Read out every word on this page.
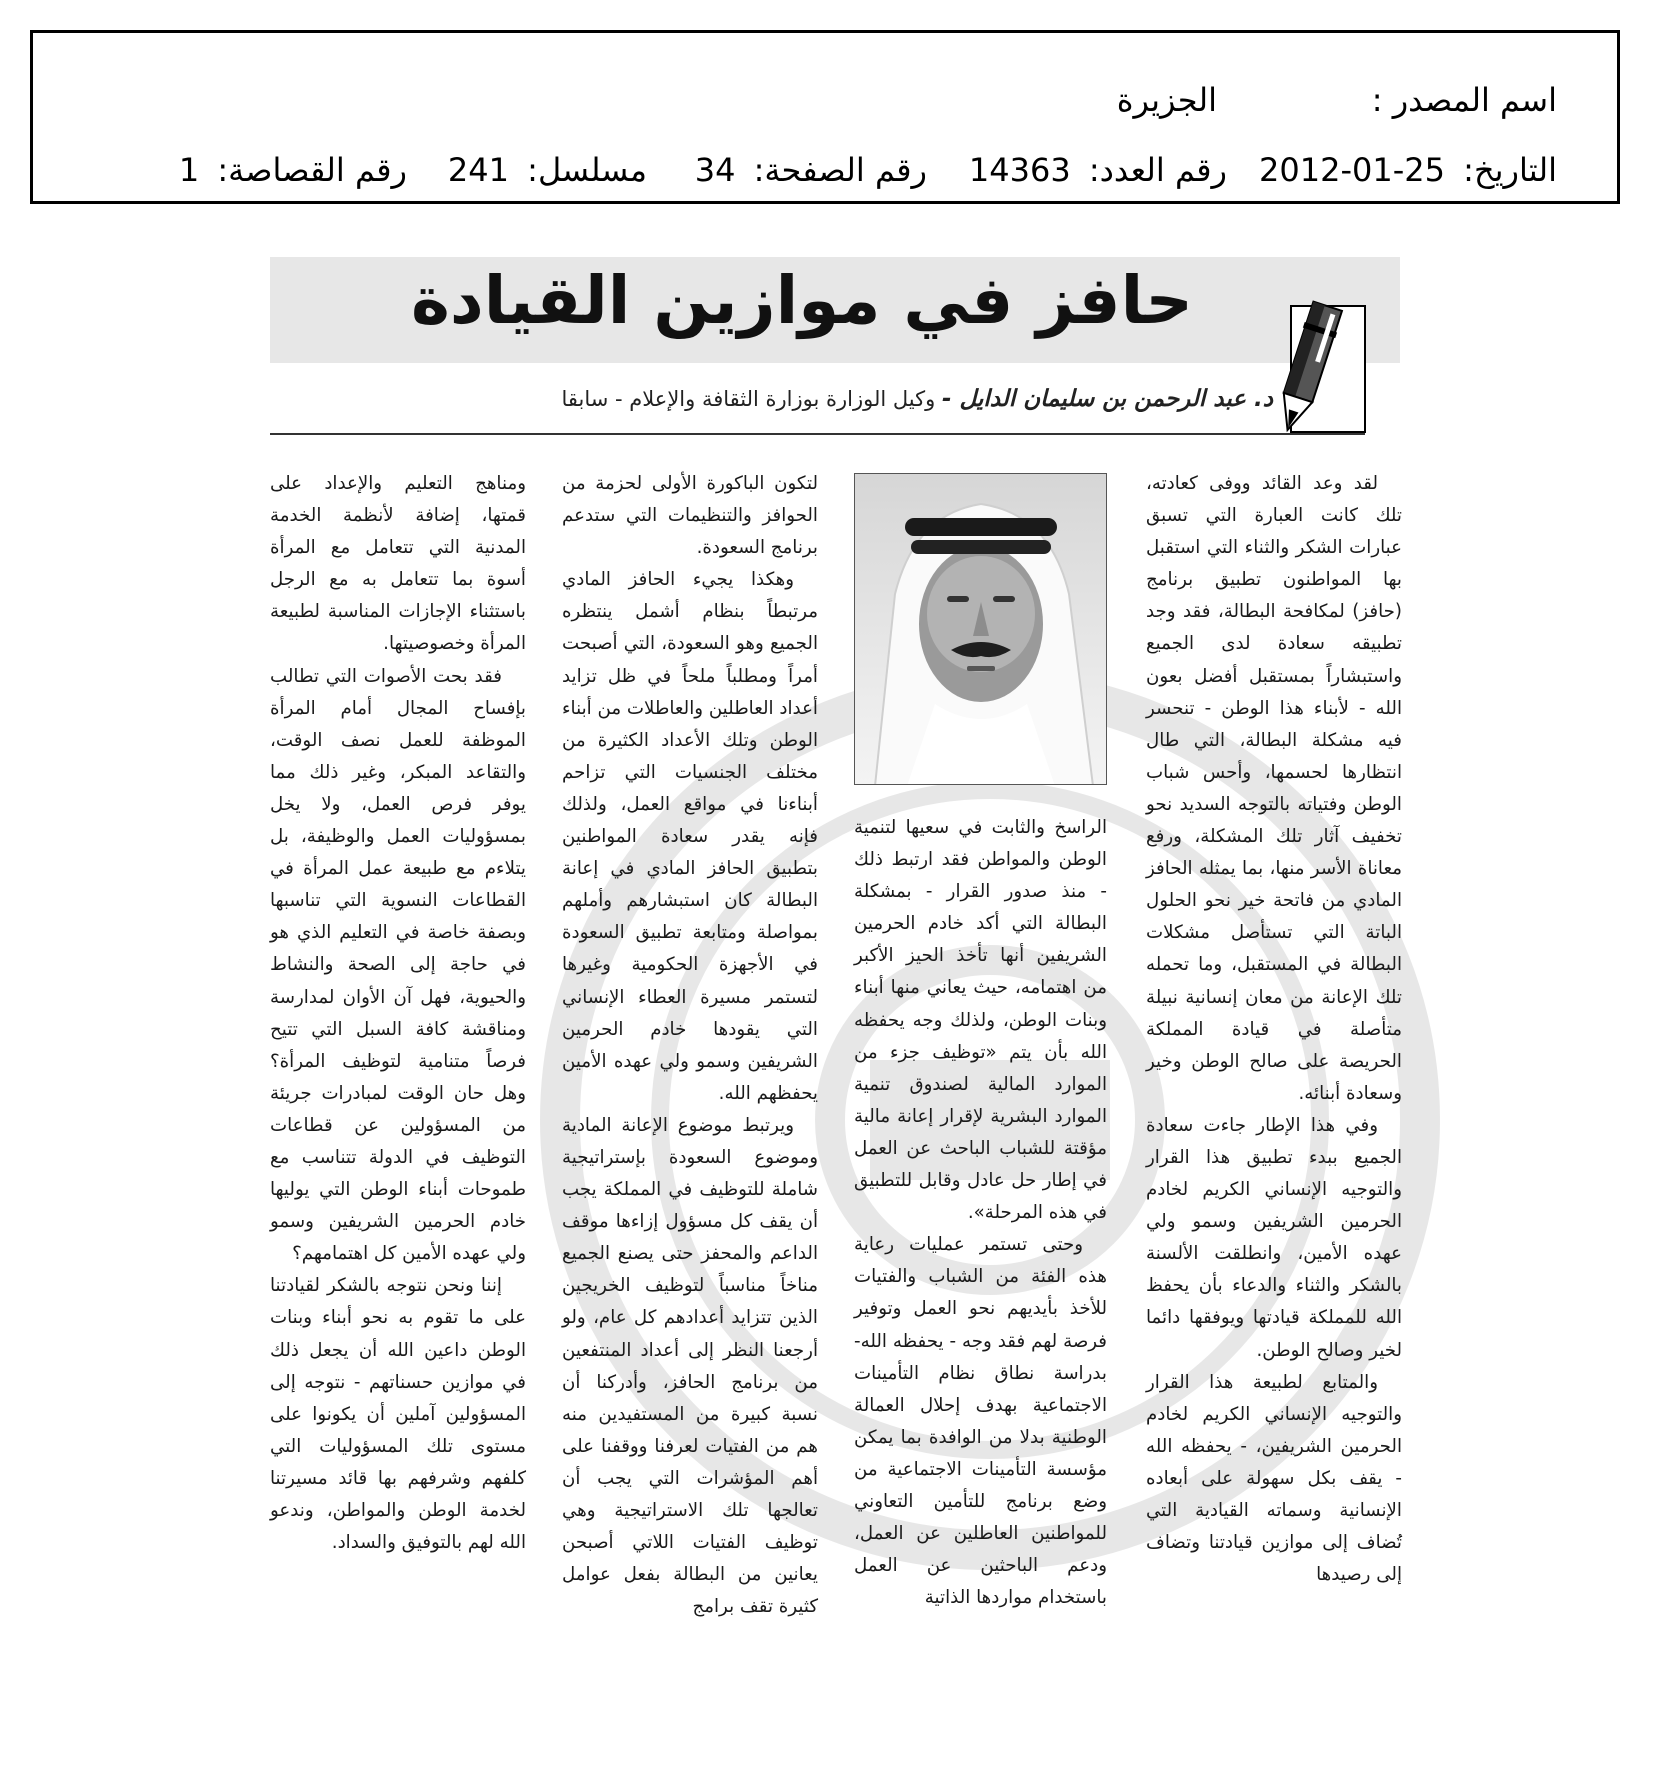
اسم المصدر :
الجزيرة
التاريخ: 2012-01-25
رقم العدد: 14363
رقم الصفحة: 34
مسلسل: 241
رقم القصاصة: 1
حافز في موازين القيادة
د. عبد الرحمن بن سليمان الدايل - وكيل الوزارة بوزارة الثقافة والإعلام - سابقا

لقد وعد القائد ووفى كعادته، تلك كانت العبارة التي تسبق عبارات الشكر والثناء التي استقبل بها المواطنون تطبيق برنامج (حافز) لمكافحة البطالة، فقد وجد تطبيقه سعادة لدى الجميع واستبشاراً بمستقبل أفضل بعون الله - لأبناء هذا الوطن - تنحسر فيه مشكلة البطالة، التي طال انتظارها لحسمها، وأحس شباب الوطن وفتياته بالتوجه السديد نحو تخفيف آثار تلك المشكلة، ورفع معاناة الأسر منها، بما يمثله الحافز المادي من فاتحة خير نحو الحلول الباتة التي تستأصل مشكلات البطالة في المستقبل، وما تحمله تلك الإعانة من معان إنسانية نبيلة متأصلة في قيادة المملكة الحريصة على صالح الوطن وخير وسعادة أبنائه.

وفي هذا الإطار جاءت سعادة الجميع ببدء تطبيق هذا القرار والتوجيه الإنساني الكريم لخادم الحرمين الشريفين وسمو ولي عهده الأمين، وانطلقت الألسنة بالشكر والثناء والدعاء بأن يحفظ الله للمملكة قيادتها ويوفقها دائما لخير وصالح الوطن.

والمتابع لطبيعة هذا القرار والتوجيه الإنساني الكريم لخادم الحرمين الشريفين، - يحفظه الله - يقف بكل سهولة على أبعاده الإنسانية وسماته القيادية التي تُضاف إلى موازين قيادتنا وتضاف إلى رصيدها

الراسخ والثابت في سعيها لتنمية الوطن والمواطن فقد ارتبط ذلك - منذ صدور القرار - بمشكلة البطالة التي أكد خادم الحرمين الشريفين أنها تأخذ الحيز الأكبر من اهتمامه، حيث يعاني منها أبناء وبنات الوطن، ولذلك وجه يحفظه الله بأن يتم «توظيف جزء من الموارد المالية لصندوق تنمية الموارد البشرية لإقرار إعانة مالية مؤقتة للشباب الباحث عن العمل في إطار حل عادل وقابل للتطبيق في هذه المرحلة».

وحتى تستمر عمليات رعاية هذه الفئة من الشباب والفتيات للأخذ بأيديهم نحو العمل وتوفير فرصة لهم فقد وجه - يحفظه الله- بدراسة نطاق نظام التأمينات الاجتماعية بهدف إحلال العمالة الوطنية بدلا من الوافدة بما يمكن مؤسسة التأمينات الاجتماعية من وضع برنامج للتأمين التعاوني للمواطنين العاطلين عن العمل، ودعم الباحثين عن العمل باستخدام مواردها الذاتية

لتكون الباكورة الأولى لحزمة من الحوافز والتنظيمات التي ستدعم برنامج السعودة.

وهكذا يجيء الحافز المادي مرتبطاً بنظام أشمل ينتظره الجميع وهو السعودة، التي أصبحت أمراً ومطلباً ملحاً في ظل تزايد أعداد العاطلين والعاطلات من أبناء الوطن وتلك الأعداد الكثيرة من مختلف الجنسيات التي تزاحم أبناءنا في مواقع العمل، ولذلك فإنه يقدر سعادة المواطنين بتطبيق الحافز المادي في إعانة البطالة كان استبشارهم وأملهم بمواصلة ومتابعة تطبيق السعودة في الأجهزة الحكومية وغيرها لتستمر مسيرة العطاء الإنساني التي يقودها خادم الحرمين الشريفين وسمو ولي عهده الأمين يحفظهم الله.

ويرتبط موضوع الإعانة المادية وموضوع السعودة بإستراتيجية شاملة للتوظيف في المملكة يجب أن يقف كل مسؤول إزاءها موقف الداعم والمحفز حتى يصنع الجميع مناخاً مناسباً لتوظيف الخريجين الذين تتزايد أعدادهم كل عام، ولو أرجعنا النظر إلى أعداد المنتفعين من برنامج الحافز، وأدركنا أن نسبة كبيرة من المستفيدين منه هم من الفتيات لعرفنا ووقفنا على أهم المؤشرات التي يجب أن تعالجها تلك الاستراتيجية وهي توظيف الفتيات اللاتي أصبحن يعانين من البطالة بفعل عوامل كثيرة تقف برامج

ومناهج التعليم والإعداد على قمتها، إضافة لأنظمة الخدمة المدنية التي تتعامل مع المرأة أسوة بما تتعامل به مع الرجل باستثناء الإجازات المناسبة لطبيعة المرأة وخصوصيتها.

فقد بحت الأصوات التي تطالب بإفساح المجال أمام المرأة الموظفة للعمل نصف الوقت، والتقاعد المبكر، وغير ذلك مما يوفر فرص العمل، ولا يخل بمسؤوليات العمل والوظيفة، بل يتلاءم مع طبيعة عمل المرأة في القطاعات النسوية التي تناسبها وبصفة خاصة في التعليم الذي هو في حاجة إلى الصحة والنشاط والحيوية، فهل آن الأوان لمدارسة ومناقشة كافة السبل التي تتيح فرصاً متنامية لتوظيف المرأة؟ وهل حان الوقت لمبادرات جريئة من المسؤولين عن قطاعات التوظيف في الدولة تتناسب مع طموحات أبناء الوطن التي يوليها خادم الحرمين الشريفين وسمو ولي عهده الأمين كل اهتمامهم؟

إننا ونحن نتوجه بالشكر لقيادتنا على ما تقوم به نحو أبناء وبنات الوطن داعين الله أن يجعل ذلك في موازين حسناتهم - نتوجه إلى المسؤولين آملين أن يكونوا على مستوى تلك المسؤوليات التي كلفهم وشرفهم بها قائد مسيرتنا لخدمة الوطن والمواطن، وندعو الله لهم بالتوفيق والسداد.
